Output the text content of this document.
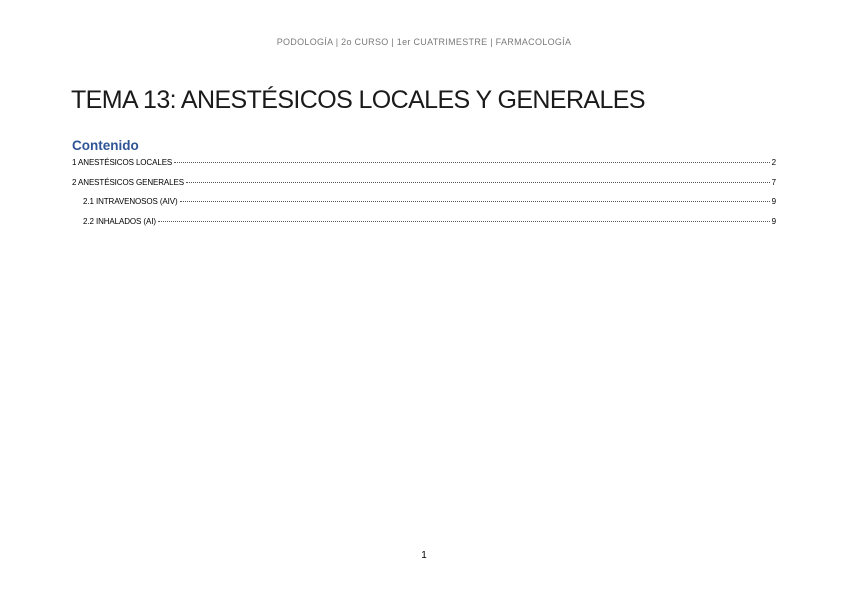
PODOLOGÍA | 2o CURSO | 1er CUATRIMESTRE | FARMACOLOGÍA
TEMA 13: ANESTÉSICOS LOCALES Y GENERALES
Contenido
1 ANESTÉSICOS LOCALES	2
2 ANESTÉSICOS GENERALES	7
2.1 INTRAVENOSOS (AIV)	9
2.2 INHALADOS (AI)	9
1
